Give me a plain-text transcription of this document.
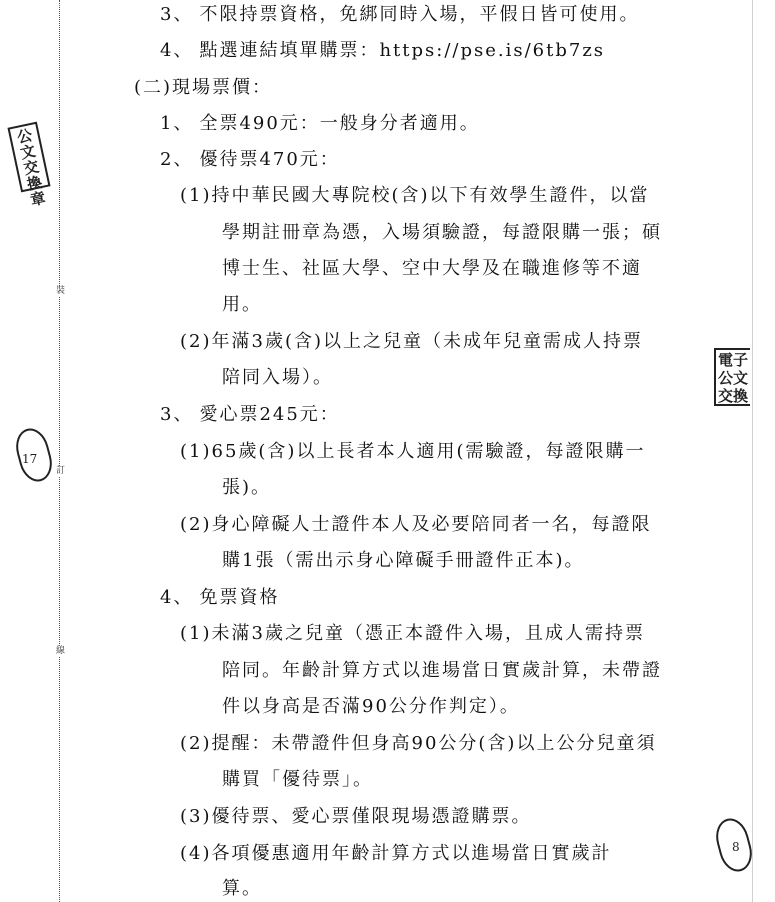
裝
訂
線
公文交換章
17
3、 不限持票資格，免綁同時入場，平假日皆可使用。
4、 點選連結填單購票：https://pse.is/6tb7zs
(二)現場票價：
1、 全票490元：一般身分者適用。
2、 優待票470元：
(1)持中華民國大專院校(含)以下有效學生證件，以當
學期註冊章為憑，入場須驗證，每證限購一張；碩
博士生、社區大學、空中大學及在職進修等不適
用。
(2)年滿3歲(含)以上之兒童（未成年兒童需成人持票
陪同入場）。
3、 愛心票245元：
(1)65歲(含)以上長者本人適用(需驗證，每證限購一
張)。
(2)身心障礙人士證件本人及必要陪同者一名，每證限
購1張（需出示身心障礙手冊證件正本)。
4、 免票資格
(1)未滿3歲之兒童（憑正本證件入場，且成人需持票
陪同。年齡計算方式以進場當日實歲計算，未帶證
件以身高是否滿90公分作判定）。
(2)提醒：未帶證件但身高90公分(含)以上公分兒童須
購買「優待票」。
(3)優待票、愛心票僅限現場憑證購票。
(4)各項優惠適用年齡計算方式以進場當日實歲計
算。
電子公文交換
8
